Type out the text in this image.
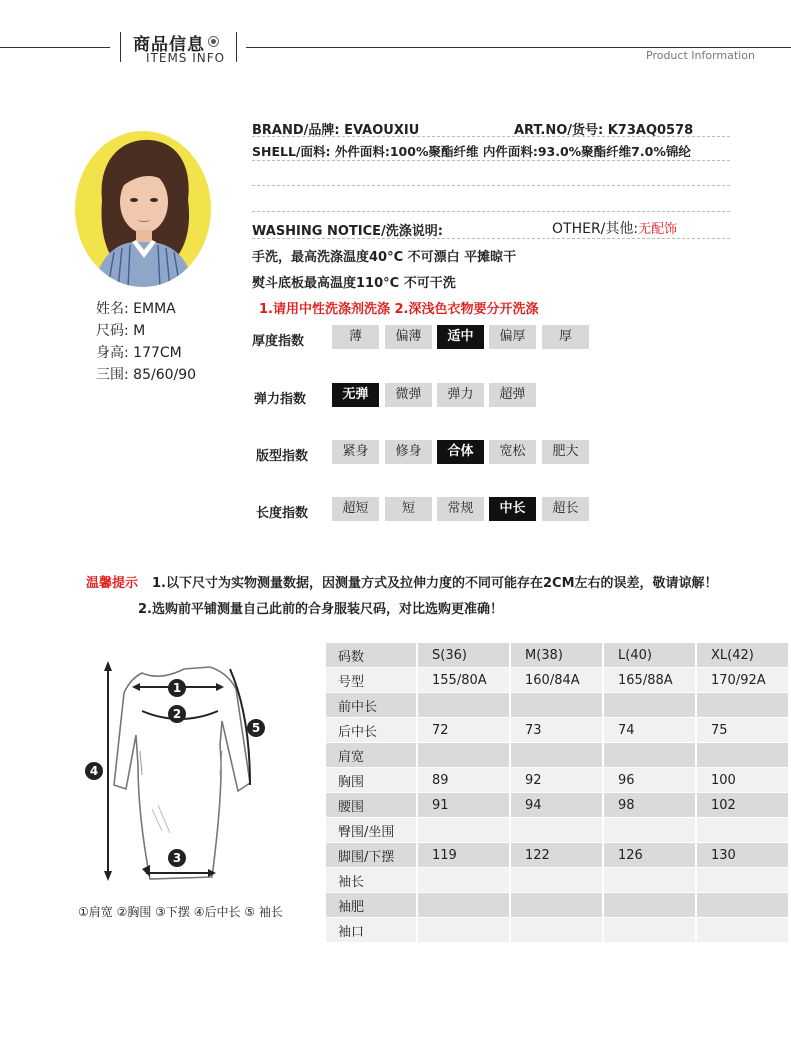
商品信息
ITEMS INFO	Product Information
姓名: EMMA
尺码: M
身高: 177CM
三围: 85/60/90
BRAND/品牌: EVAOUXIU	ART.NO/货号: K73AQ0578
SHELL/面料: 外件面料:100%聚酯纤维 内件面料:93.0%聚酯纤维7.0%锦纶
WASHING NOTICE/洗涤说明:	OTHER/其他:无配饰
手洗，最高洗涤温度40°C 不可漂白 平摊晾干
熨斗底板最高温度110°C 不可干洗
1.请用中性洗涤剂洗涤 2.深浅色衣物要分开洗涤
厚度指数	薄	偏薄	适中	偏厚	厚
弹力指数	无弹	微弹	弹力	超弹
版型指数	紧身	修身	合体	宽松	肥大
长度指数	超短	短	常规	中长	超长
温馨提示 1.以下尺寸为实物测量数据，因测量方式及拉伸力度的不同可能存在2CM左右的误差，敬请谅解！
2.选购前平铺测量自己此前的合身服装尺码，对比选购更准确！
1
2
3
4
5
①肩宽 ②胸围 ③下摆 ④后中长 ⑤ 袖长
码数	S(36)	M(38)	L(40)	XL(42)
号型	155/80A	160/84A	165/88A	170/92A
前中长				
后中长	72	73	74	75
肩宽				
胸围	89	92	96	100
腰围	91	94	98	102
臀围/坐围				
脚围/下摆	119	122	126	130
袖长				
袖肥				
袖口				
